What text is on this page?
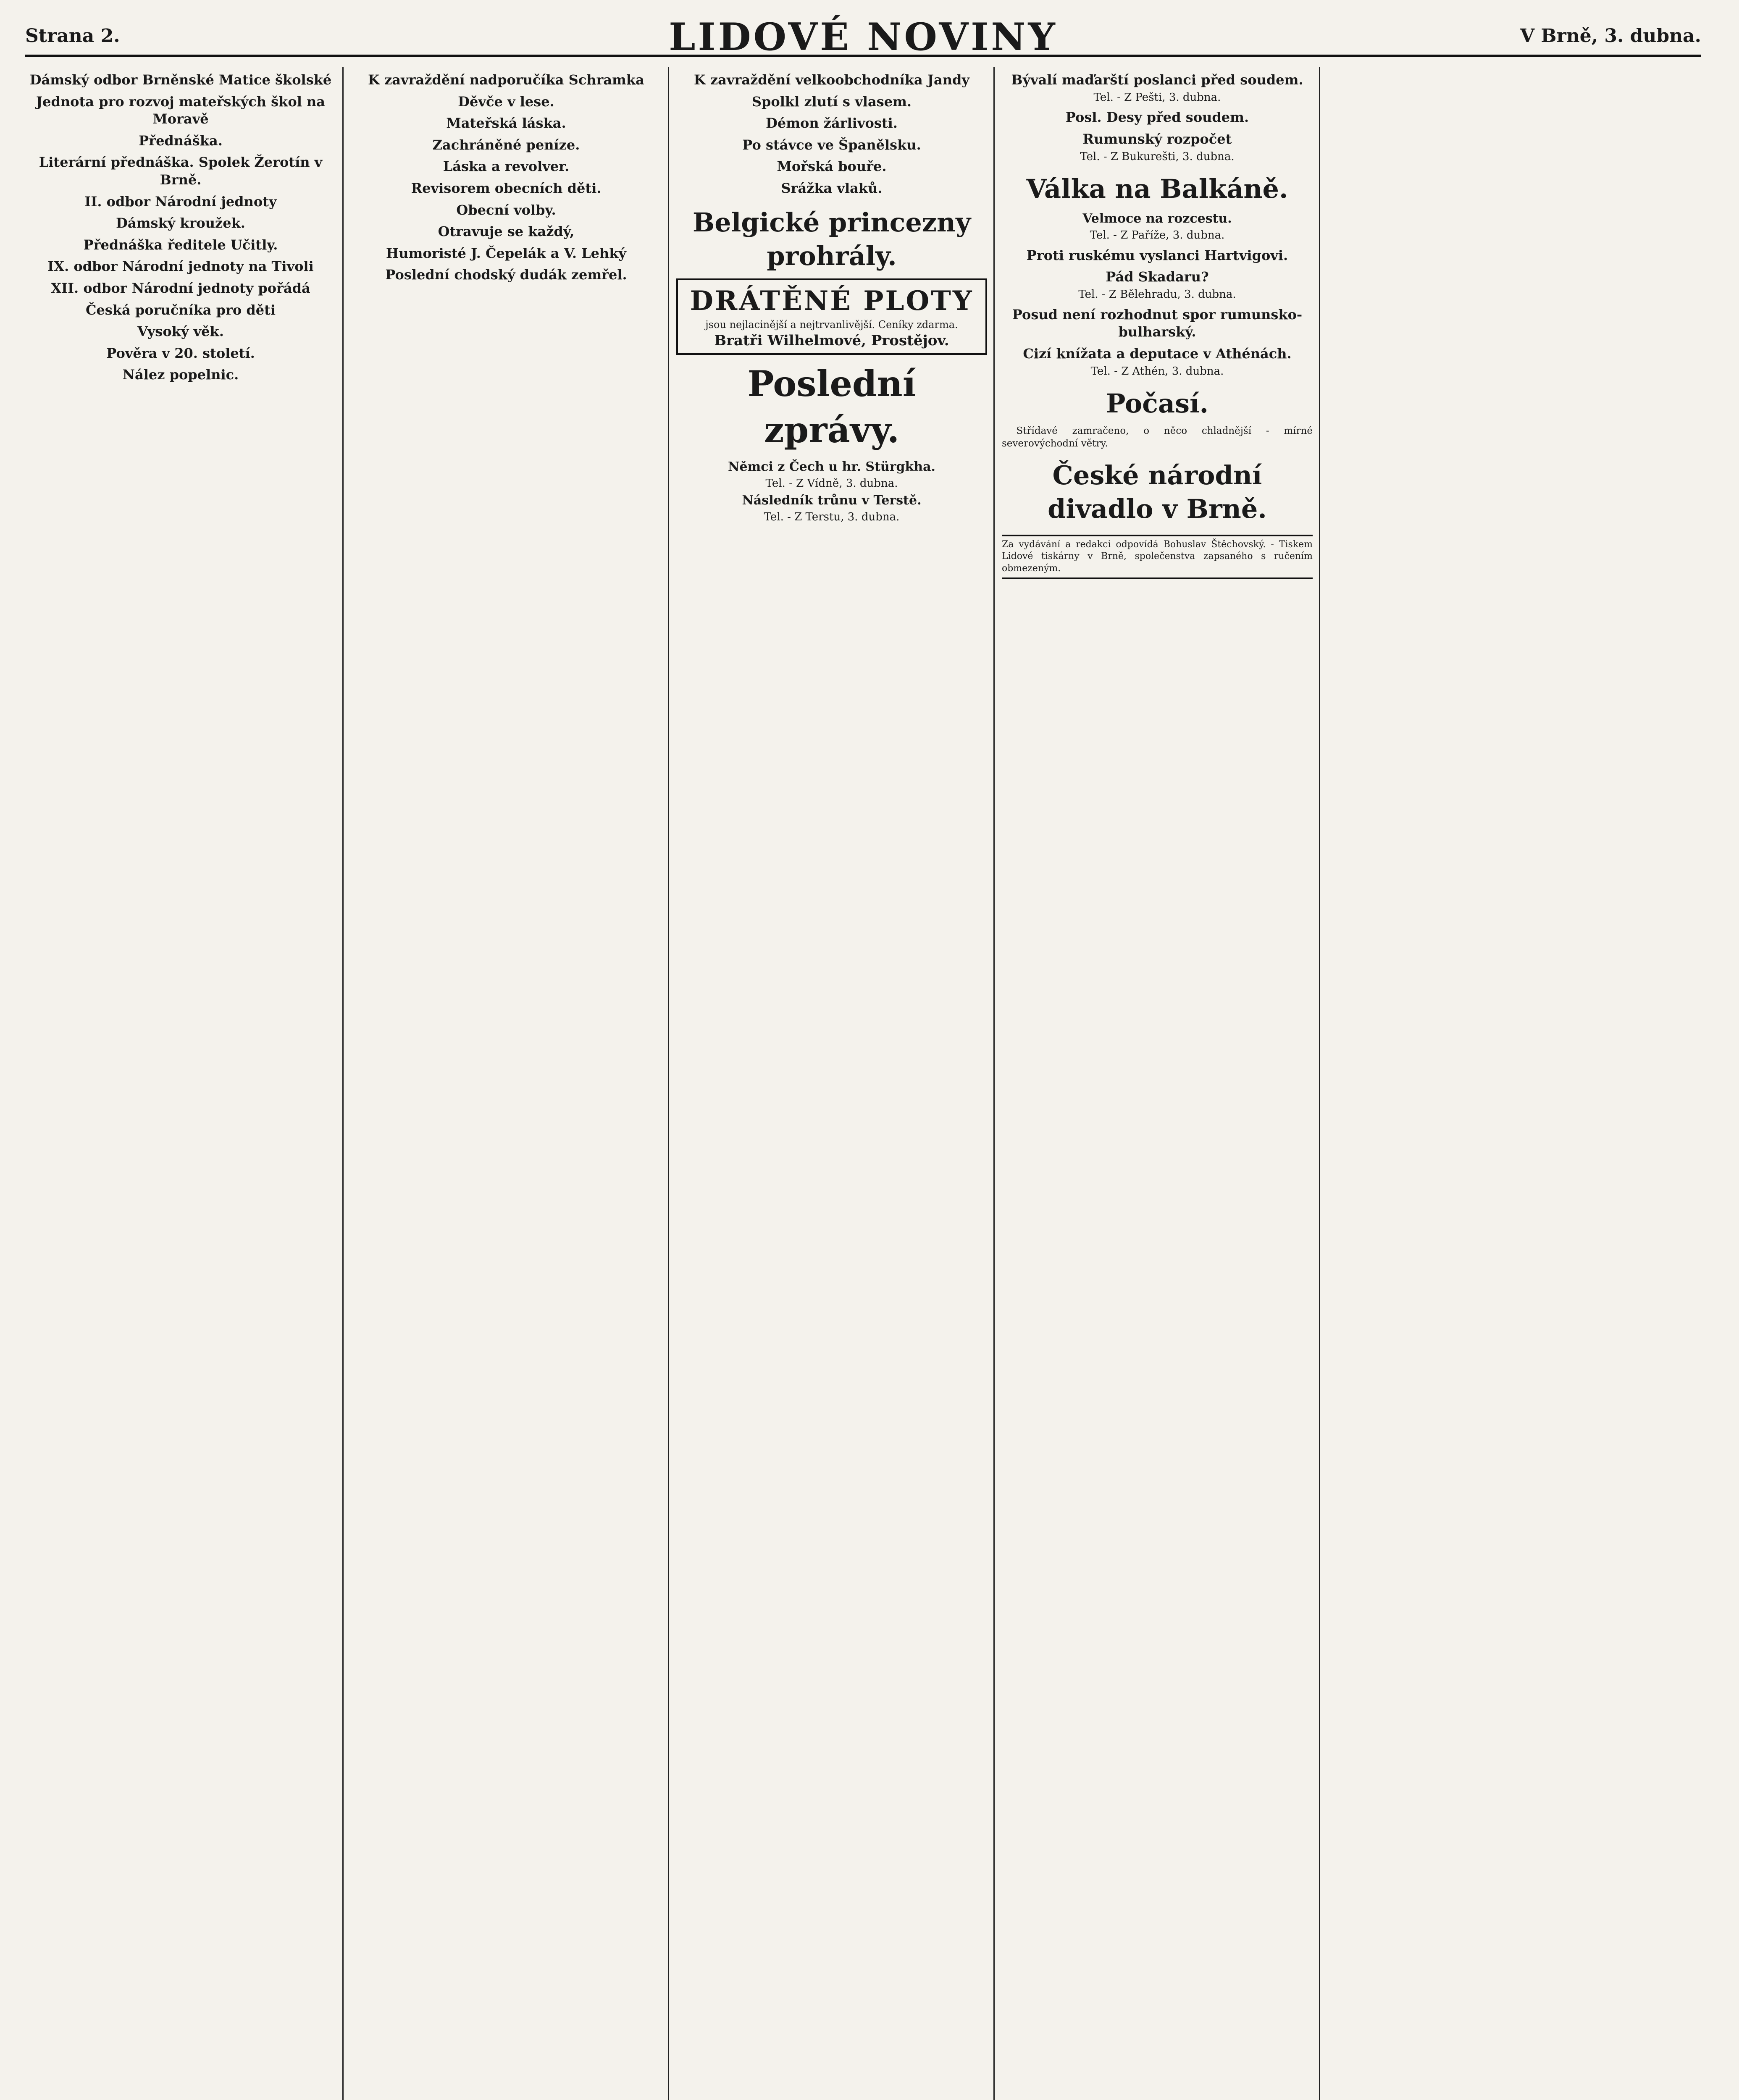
Strana 2.	LIDOVÉ NOVINY	V Brně, 3. dubna.
Dámský odbor Brněnské Matice školské
Jednota pro rozvoj mateřských škol na Moravě
Přednáška.
Literární přednáška. Spolek Žerotín v Brně.
II. odbor Národní jednoty
Dámský kroužek.
Přednáška ředitele Učitly.
IX. odbor Národní jednoty na Tivoli
XII. odbor Národní jednoty pořádá
Česká poručníka pro děti
Vysoký věk.
Pověra v 20. století.
Nález popelnic.
K zavraždění nadporučíka Schramka
Děvče v lese.
Mateřská láska.
Zachráněné peníze.
Láska a revolver.
Revisorem obecních děti.
Obecní volby.
Otravuje se každý,
Humoristé J. Čepelák a V. Lehký
Poslední chodský dudák zemřel.
K zavraždění velkoobchodníka Jandy
Spolkl zlutí s vlasem.
Démon žárlivosti.
Po stávce ve Španělsku.
Mořská bouře.
Srážka vlaků.
Belgické princezny prohrály.
DRÁTĚNÉ PLOTY
jsou nejlacinější a nejtrvanlivější. Ceníky zdarma.
Bratři Wilhelmové, Prostějov.
Poslední zprávy.
Němci z Čech u hr. Stürgkha.
Tel. - Z Vídně, 3. dubna.
Následník trůnu v Terstě.
Tel. - Z Terstu, 3. dubna.
Bývalí maďarští poslanci před soudem.
Tel. - Z Pešti, 3. dubna.
Posl. Desy před soudem.
Rumunský rozpočet
Tel. - Z Bukurešti, 3. dubna.
Válka na Balkáně.
Velmoce na rozcestu.
Tel. - Z Paříže, 3. dubna.
Proti ruskému vyslanci Hartvigovi.
Pád Skadaru?
Tel. - Z Bělehradu, 3. dubna.
Posud není rozhodnut spor rumunsko-bulharský.
Cizí knížata a deputace v Athénách.
Tel. - Z Athén, 3. dubna.
Počasí.

Střídavé zamračeno, o něco chladnější - mírné severovýchodní větry.

České národní divadlo v Brně.
Za vydávání a redakci odpovídá Bohuslav Štěchovský. - Tiskem Lidové tiskárny v Brně, společenstva zapsaného s ručením obmezeným.
